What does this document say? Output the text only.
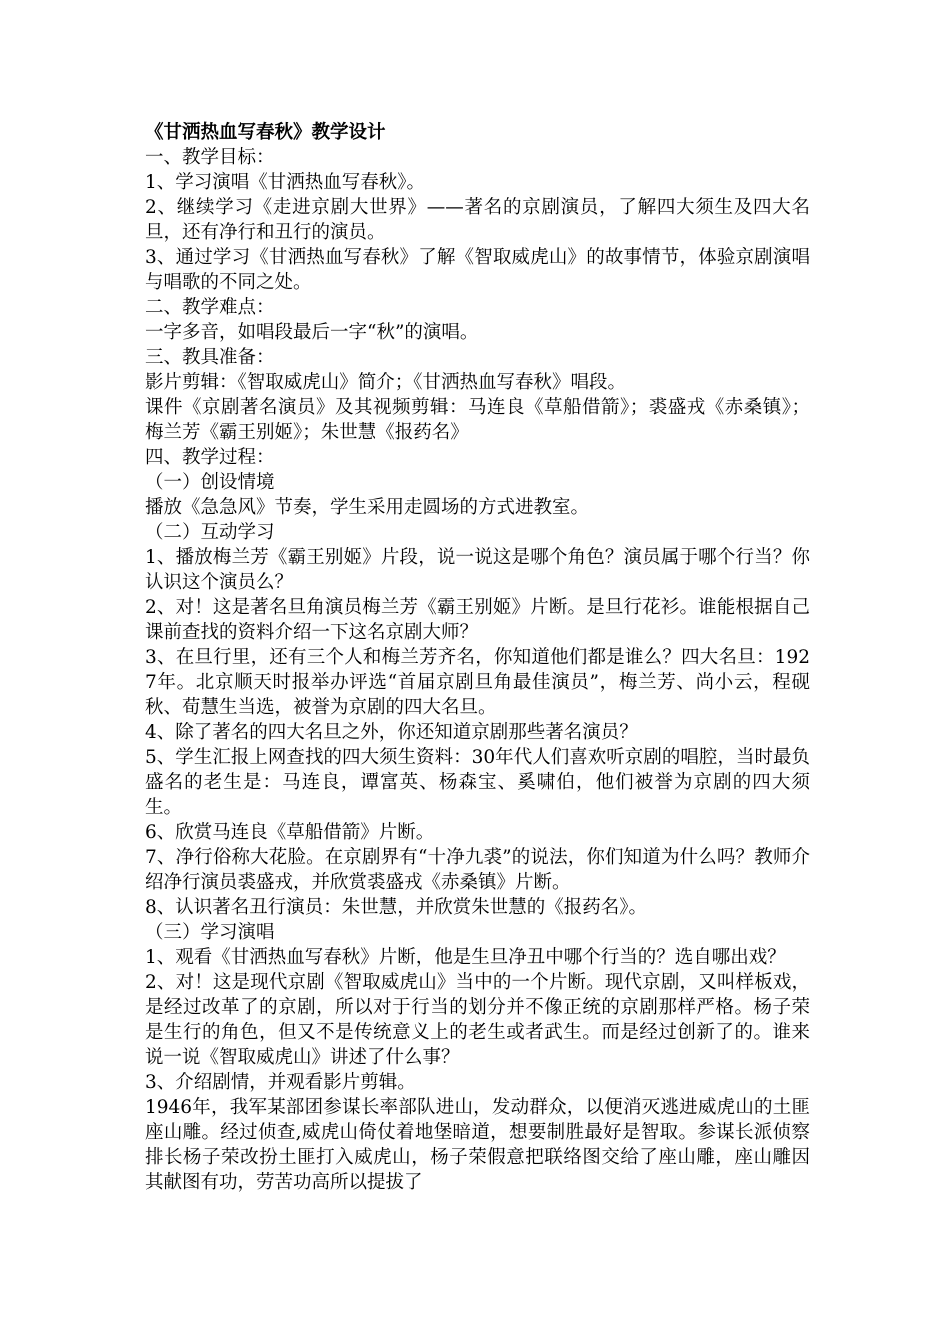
《甘洒热血写春秋》教学设计

一、教学目标：

1、学习演唱《甘洒热血写春秋》。

2、继续学习《走进京剧大世界》——著名的京剧演员，了解四大须生及四大名旦，还有净行和丑行的演员。

3、通过学习《甘洒热血写春秋》了解《智取威虎山》的故事情节，体验京剧演唱与唱歌的不同之处。

二、教学难点：

一字多音，如唱段最后一字“秋”的演唱。

三、教具准备：

影片剪辑：《智取威虎山》简介；《甘洒热血写春秋》唱段。

课件《京剧著名演员》及其视频剪辑：马连良《草船借箭》；裘盛戎《赤桑镇》；梅兰芳《霸王别姬》；朱世慧《报药名》

四、教学过程：

（一）创设情境

播放《急急风》节奏，学生采用走圆场的方式进教室。

（二）互动学习

1、播放梅兰芳《霸王别姬》片段，说一说这是哪个角色？演员属于哪个行当？你认识这个演员么？

2、对！这是著名旦角演员梅兰芳《霸王别姬》片断。是旦行花衫。谁能根据自己课前查找的资料介绍一下这名京剧大师？

3、在旦行里，还有三个人和梅兰芳齐名，你知道他们都是谁么？四大名旦：1927年。北京顺天时报举办评选“首届京剧旦角最佳演员”，梅兰芳、尚小云，程砚秋、荀慧生当选，被誉为京剧的四大名旦。

4、除了著名的四大名旦之外，你还知道京剧那些著名演员？

5、学生汇报上网查找的四大须生资料：30年代人们喜欢听京剧的唱腔，当时最负盛名的老生是：马连良，谭富英、杨森宝、奚啸伯，他们被誉为京剧的四大须生。

6、欣赏马连良《草船借箭》片断。

7、净行俗称大花脸。在京剧界有“十净九裘”的说法，你们知道为什么吗？教师介绍净行演员裘盛戎，并欣赏裘盛戎《赤桑镇》片断。

8、认识著名丑行演员：朱世慧，并欣赏朱世慧的《报药名》。

（三）学习演唱

1、观看《甘洒热血写春秋》片断，他是生旦净丑中哪个行当的？选自哪出戏？

2、对！这是现代京剧《智取威虎山》当中的一个片断。现代京剧，又叫样板戏，是经过改革了的京剧，所以对于行当的划分并不像正统的京剧那样严格。杨子荣是生行的角色，但又不是传统意义上的老生或者武生。而是经过创新了的。谁来说一说《智取威虎山》讲述了什么事？

3、介绍剧情，并观看影片剪辑。

1946年，我军某部团参谋长率部队进山，发动群众，以便消灭逃进威虎山的土匪座山雕。经过侦查,威虎山倚仗着地堡暗道，想要制胜最好是智取。参谋长派侦察排长杨子荣改扮土匪打入威虎山，杨子荣假意把联络图交给了座山雕，座山雕因其献图有功，劳苦功高所以提拔了
